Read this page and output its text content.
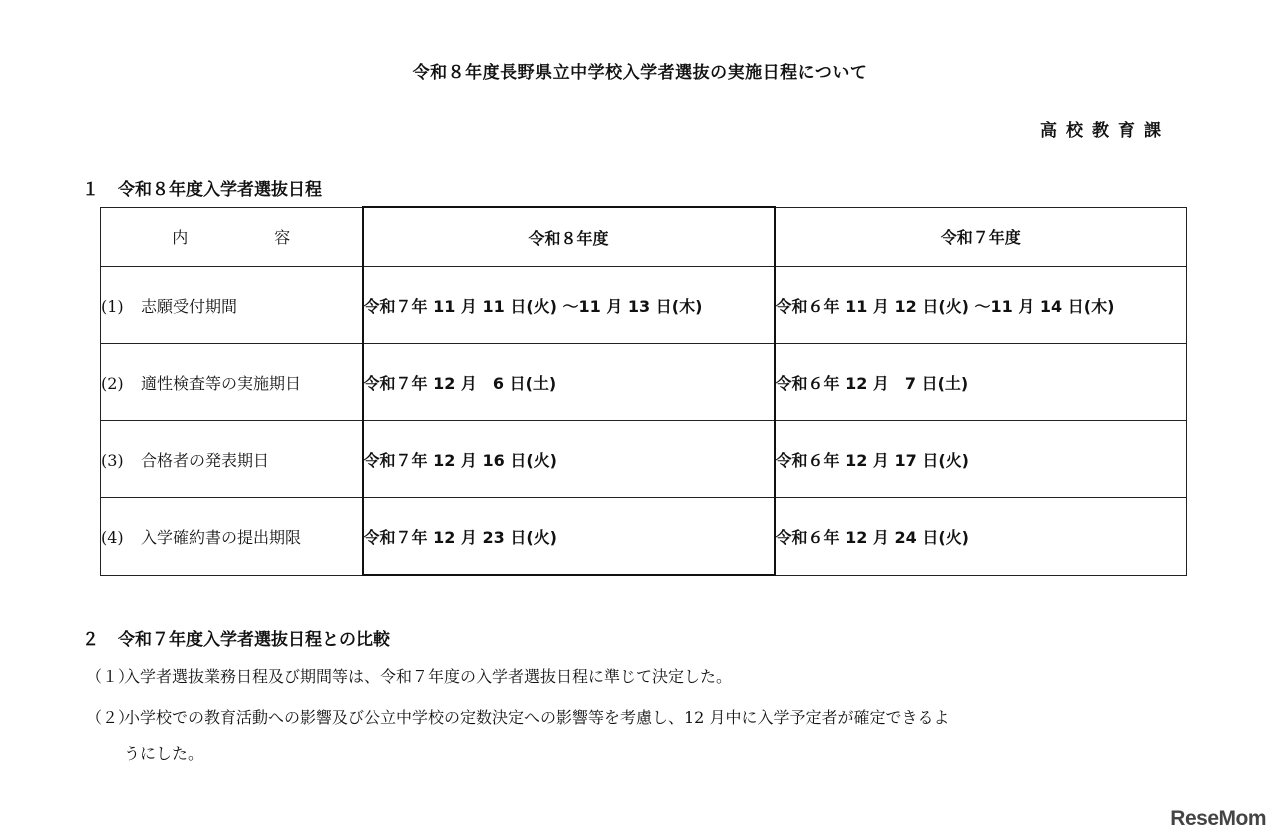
令和８年度長野県立中学校入学者選抜の実施日程について
高校教育課
１ 令和８年度入学者選抜日程
内 容	令和８年度	令和７年度
(1) 志願受付期間	令和７年 11 月 11 日(火) ～11 月 13 日(木)	令和６年 11 月 12 日(火) ～11 月 14 日(木)
(2) 適性検査等の実施期日	令和７年 12 月　6 日(土)	令和６年 12 月　7 日(土)
(3) 合格者の発表期日	令和７年 12 月 16 日(火)	令和６年 12 月 17 日(火)
(4) 入学確約書の提出期限	令和７年 12 月 23 日(火)	令和６年 12 月 24 日(火)
２ 令和７年度入学者選抜日程との比較
（１）入学者選抜業務日程及び期間等は、令和７年度の入学者選抜日程に準じて決定した。
（２）小学校での教育活動への影響及び公立中学校の定数決定への影響等を考慮し、12 月中に入学予定者が確定できるよ
うにした。
ReseMom
